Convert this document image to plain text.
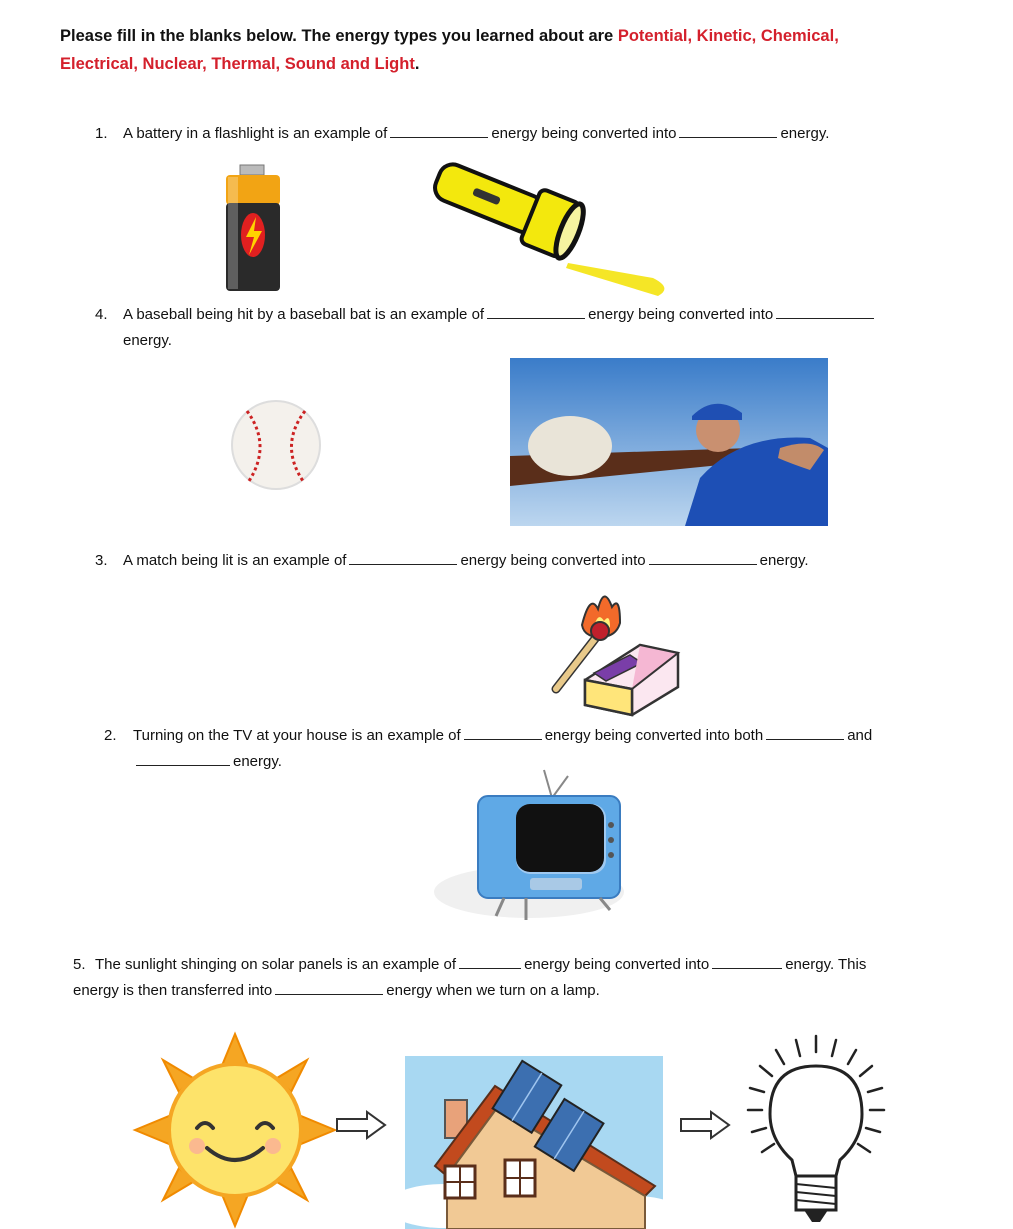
Please fill in the blanks below. The energy types you learned about are Potential, Kinetic, Chemical,
Electrical, Nuclear, Thermal, Sound and Light.
1. A battery in a flashlight is an example of	energy being converted into	energy.
4. A baseball being hit by a baseball bat is an example of	energy being converted into
energy.
3. A match being lit is an example of	energy being converted into	energy.
2. Turning on the TV at your house is an example of	energy being converted into both	and
energy.
5. The sunlight shinging on solar panels is an example of	energy being converted into	energy. This
energy is then transferred into	energy when we turn on a lamp.
